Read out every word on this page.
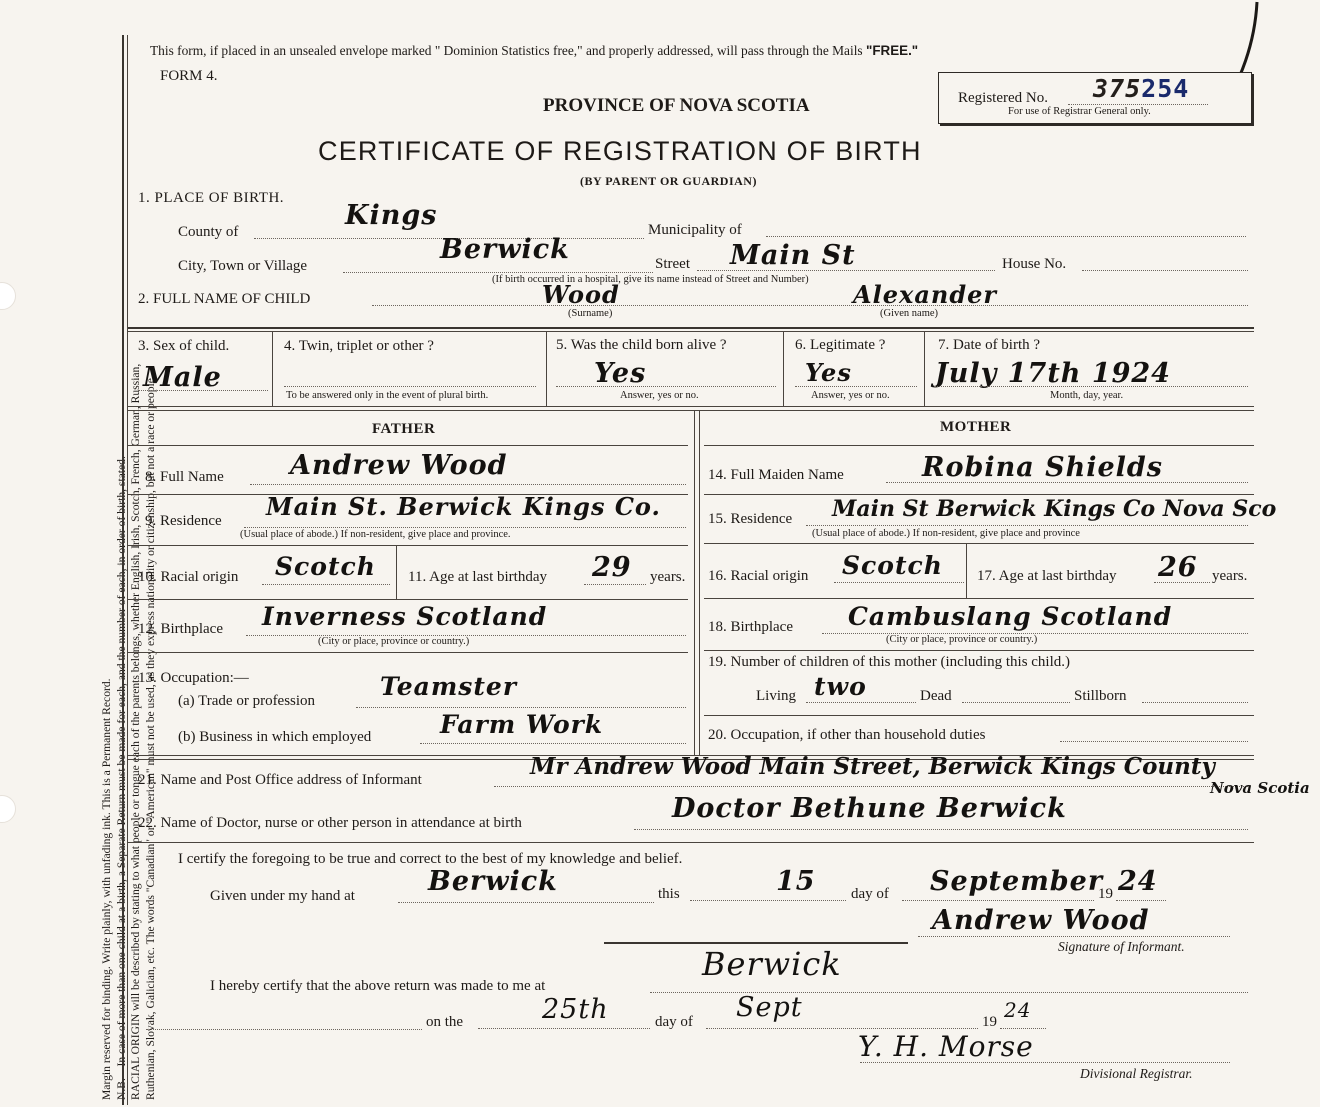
Margin reserved for binding. Write plainly, with unfading ink. This is a Permanent Record. N.B.—In case of more than one child at a birth, a Separate Return must be made for each, and the number of each, in order of birth, stated. RACIAL ORIGIN will be described by stating to what people or tongue each of the parents belongs, whether English, Irish, Scotch, French, German, Russian, Ruthenian, Slovak, Galician, etc. The words "Canadian" or "American" must not be used, as they express nationality or citizenship, but not a race or people.
This form, if placed in an unsealed envelope marked " Dominion Statistics free," and properly addressed, will pass through the Mails "FREE."
FORM 4.
PROVINCE OF NOVA SCOTIA
CERTIFICATE OF REGISTRATION OF BIRTH
(BY PARENT OR GUARDIAN)
Registered No. 375254
For use of Registrar General only.
1. PLACE OF BIRTH.
County of
Kings	Municipality of
City, Town or Village
Berwick	Street Main St	House No.
(If birth occurred in a hospital, give its name instead of Street and Number)
2. FULL NAME OF CHILD	Wood
(Surname)
Alexander
(Given name)
3. Sex of child.
Male
4. Twin, triplet or other ?
To be answered only in the event of plural birth.
5. Was the child born alive ?
Yes
Answer, yes or no.
6. Legitimate ?
Yes
Answer, yes or no.
7. Date of birth ?
July 17th 1924
Month, day, year.
FATHER	MOTHER
8. Full Name Andrew Wood	14. Full Maiden Name	Robina Shields
9. Residence Main St. Berwick Kings Co.
(Usual place of abode.) If non-resident, give place and province.
15. Residence Main St Berwick Kings Co Nova Sco
(Usual place of abode.) If non-resident, give place and province
10. Racial origin Scotch 11. Age at last birthday 29 years. 16. Racial origin Scotch 17. Age at last birthday 26 years.
12. Birthplace Inverness Scotland
(City or place, province or country.)
18. Birthplace Cambuslang Scotland
(City or place, province or country.)
13. Occupation:—
(a) Trade or profession	Teamster
(b) Business in which employed	Farm Work
19. Number of children of this mother (including this child.)
Living two	Dead	Stillborn
20. Occupation, if other than household duties
21. Name and Post Office address of Informant	Mr Andrew Wood Main Street, Berwick Kings County
Nova Scotia
22. Name of Doctor, nurse or other person in attendance at birth	Doctor Bethune Berwick
I certify the foregoing to be true and correct to the best of my knowledge and belief.
Given under my hand at	Berwick	this	15 day of September
19 24
Andrew Wood
Signature of Informant.
I hereby certify that the above return was made to me at
Berwick
on the	25th	day of Sept	19 24
Y. H. Morse
Divisional Registrar.
